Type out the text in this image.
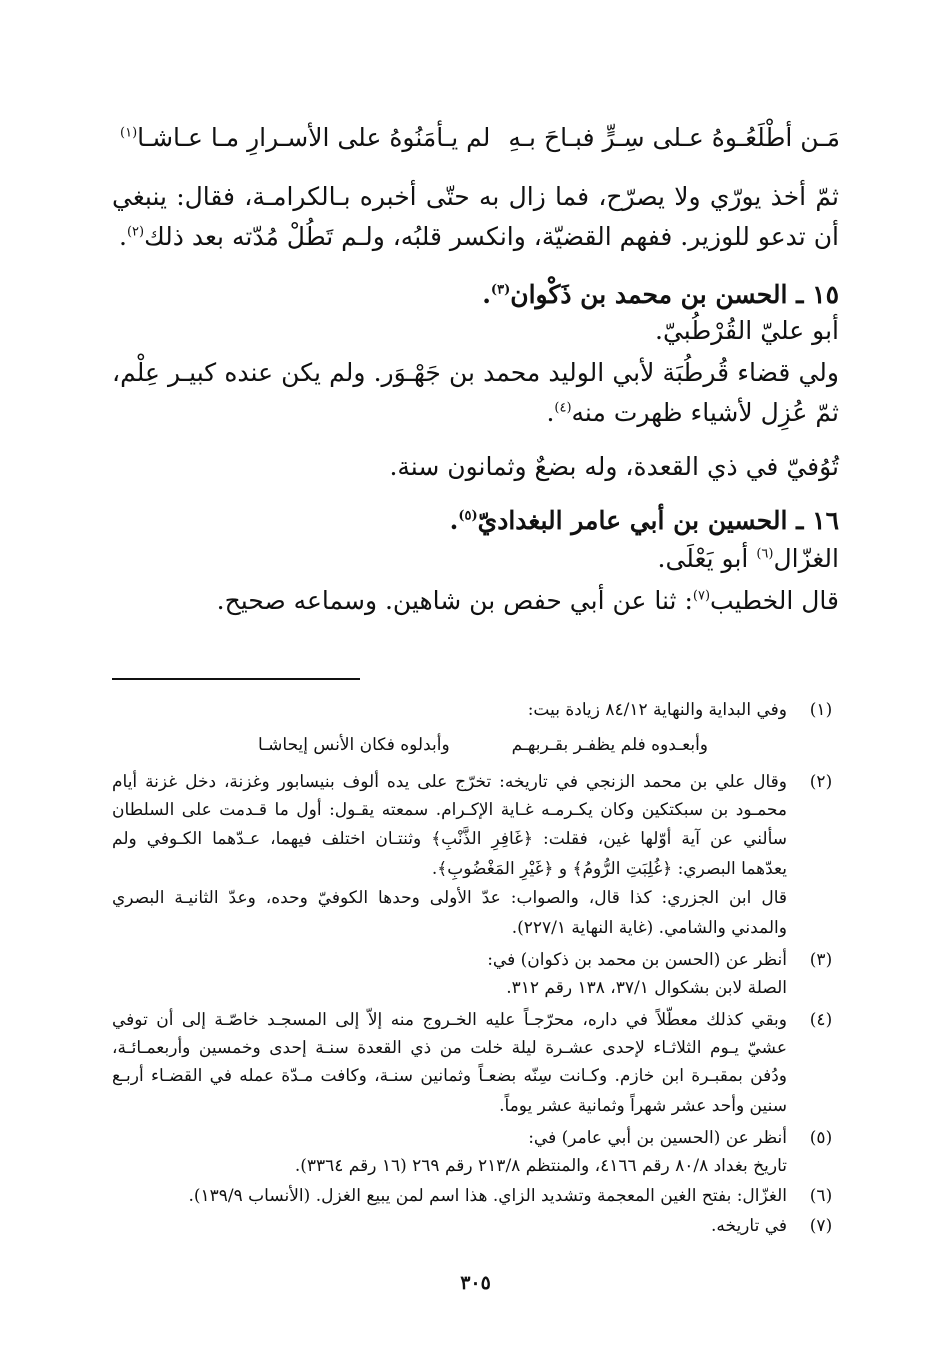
مَـن أطْلَعُـوهُ عـلى سِـرٍّ فبـاحَ بـهِ
لم يـأمَنُوهُ على الأسـرارِ مـا عـاشـا$^{(١)}$
ثمّ أخذ يورّي ولا يصرّح، فما زال به حتّى أخبره بـالكرامـة، فقال: ينبغي
أن تدعو للوزير. ففهم القضيّة، وانكسر قلبُه، ولـم تَطُلْ مُدّته بعد ذلك$^{(٢)}$.
١٥ ـ الحسن بن محمد بن ذَكْوان$^{(٣)}$.
أبو عليّ القُرْطُبيّ.
ولي قضاء قُرطُبَة لأبي الوليد محمد بن جَهْـوَر. ولم يكن عنده كبيـر عِلْم،
ثمّ عُزِل لأشياء ظهرت منه$^{(٤)}$.
تُوُفيّ في ذي القعدة، وله بضعٌ وثمانون سنة.
١٦ ـ الحسين بن أبي عامر البغداديّ$^{(٥)}$.
الغزّال$^{(٦)}$ أبو يَعْلَى.
قال الخطيب$^{(٧)}$: ثنا عن أبي حفص بن شاهين. وسماعه صحيح.
(١)
وفي البداية والنهاية ٨٤/١٢ زيادة بيت:
وأبعـدوه فلم يظفـر بقـربهـم
وأبدلوه فكان الأنس إيحاشـا
(٢)
وقال علي بن محمد الزنجي في تاريخه: تخرّج على يده ألوف بنيسابور وغزنة، دخل غزنة أيام
محمـود بن سبكتكين وكان يكـرمـه غـاية الإكـرام. سمعته يقـول: أول ما قـدمت على السلطان
سألني عن آية أوّلها غين، فقلت: ﴿غَافِرِ الذَّنْبِ﴾ وثنتـان اختلف فيهما، عـدّهما الكـوفي ولم
يعدّهما البصري: ﴿غُلِبَتِ الرُّومُ﴾ و ﴿غَيْرِ المَغْضُوبِ﴾.
قال ابن الجزري: كذا قال، والصواب: عدّ الأولى وحدها الكوفيّ وحده، وعدّ الثانيـة البصري
والمدني والشامي. (غاية النهاية ٢٢٧/١).
(٣)
أنظر عن (الحسن بن محمد بن ذكوان) في:
الصلة لابن بشكوال ٣٧/١، ١٣٨ رقم ٣١٢.
(٤)
وبقي كذلك معطّلاً في داره، محرّجـاً عليه الخـروج منه إلاّ إلى المسجـد خاصّـة إلى أن توفي
عشيّ يـوم الثلاثـاء لإحدى عشـرة ليلة خلت من ذي القعدة سنـة إحدى وخمسين وأربعمـائـة،
ودُفن بمقبـرة ابن خازم. وكـانت سِنّه بضعـاً وثمانين سنـة، وكافت مـدّة عمله في القضـاء أربـع
سنين وأحد عشر شهراً وثمانية عشر يوماً.
(٥)
أنظر عن (الحسين بن أبي عامر) في:
تاريخ بغداد ٨٠/٨ رقم ٤١٦٦، والمنتظم ٢١٣/٨ رقم ٢٦٩ (١٦ رقم ٣٣٦٤).
(٦)
الغزّال: بفتح الغين المعجمة وتشديد الزاي. هذا اسم لمن يبيع الغزل. (الأنساب ١٣٩/٩).
(٧)
في تاريخه.
٣٠٥
